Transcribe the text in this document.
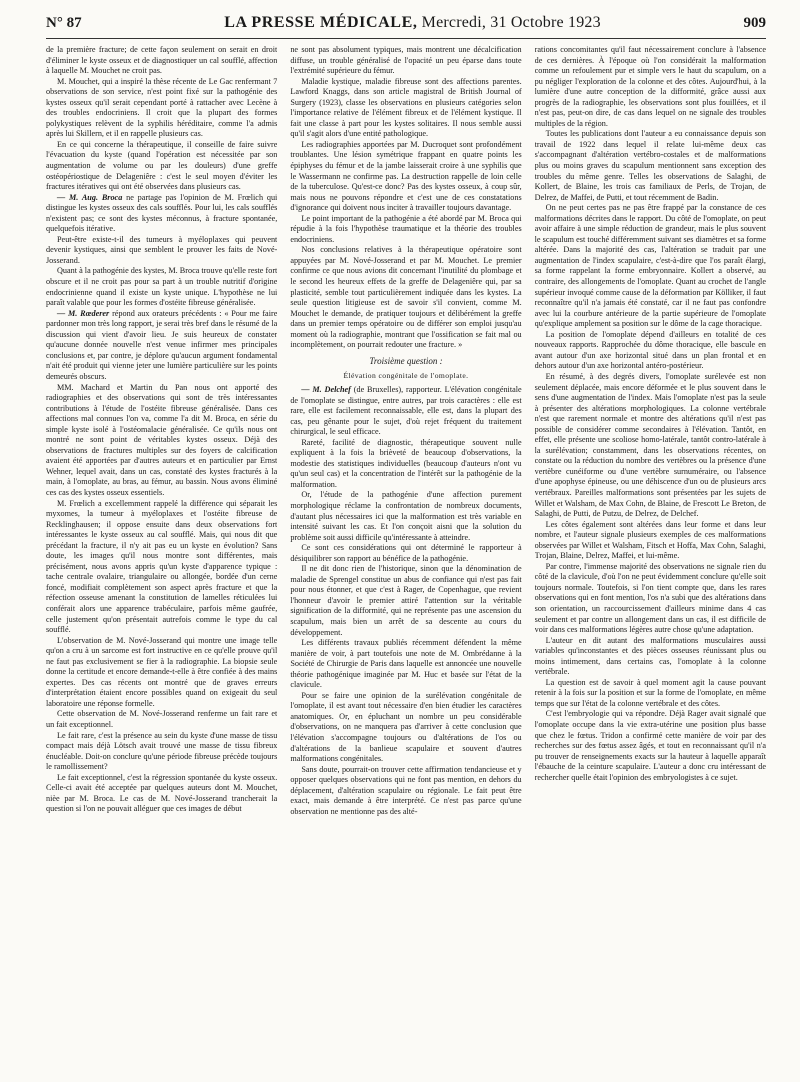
N° 87	LA PRESSE MÉDICALE, Mercredi, 31 Octobre 1923	909

de la première fracture; de cette façon seulement on serait en droit d'éliminer le kyste osseux et de diagnostiquer un cal soufflé, affection à laquelle M. Mouchet ne croit pas.

M. Mouchet, qui a inspiré la thèse récente de Le Gac renfermant 7 observations de son service, n'est point fixé sur la pathogénie des kystes osseux qu'il serait cependant porté à rattacher avec Lecène à des troubles endocriniens. Il croit que la plupart des formes polykystiques relèvent de la syphilis héréditaire, comme l'a admis après lui Skillern, et il en rappelle plusieurs cas.

En ce qui concerne la thérapeutique, il conseille de faire suivre l'évacuation du kyste (quand l'opération est nécessitée par son augmentation de volume ou par les douleurs) d'une greffe ostéopériostique de Delageniêre : c'est le seul moyen d'éviter les fractures itératives qui ont été observées dans plusieurs cas.

— M. Aug. Broca ne partage pas l'opinion de M. Frœlich qui distingue les kystes osseux des cals soufflés. Pour lui, les cals soufflés n'existent pas; ce sont des kystes méconnus, à fracture spontanée, quelquefois itérative.

Peut-être existe-t-il des tumeurs à myéloplaxes qui peuvent devenir kystiques, ainsi que semblent le prouver les faits de Nové-Josserand.

Quant à la pathogénie des kystes, M. Broca trouve qu'elle reste fort obscure et il ne croit pas pour sa part à un trouble nutritif d'origine endocrinienne quand il existe un kyste unique. L'hypothèse ne lui paraît valable que pour les formes d'ostéite fibreuse généralisée.

— M. Rœderer répond aux orateurs précédents : « Pour me faire pardonner mon très long rapport, je serai très bref dans le résumé de la discussion qui vient d'avoir lieu. Je suis heureux de constater qu'aucune donnée nouvelle n'est venue infirmer mes principales conclusions et, par contre, je déplore qu'aucun argument fondamental n'ait été produit qui vienne jeter une lumière particulière sur les points demeurés obscurs.

MM. Machard et Martin du Pan nous ont apporté des radiographies et des observations qui sont de très intéressantes contributions à l'étude de l'ostéite fibreuse généralisée. Dans ces affections mal connues l'on va, comme l'a dit M. Broca, en série du simple kyste isolé à l'ostéomalacie généralisée. Ce qu'ils nous ont montré ne sont point de véritables kystes osseux. Déjà des observations de fractures multiples sur des foyers de calcification avaient été apportées par d'autres auteurs et en particulier par Ernst Wehner, lequel avait, dans un cas, constaté des kystes fracturés à la main, à l'omoplate, au bras, au fémur, au bassin. Nous avons éliminé ces cas des kystes osseux essentiels.

M. Frœlich a excellemment rappelé la différence qui séparait les myxomes, la tumeur à myéloplaxes et l'ostéite fibreuse de Recklinghausen; il oppose ensuite dans deux observations fort intéressantes le kyste osseux au cal soufflé. Mais, qui nous dit que précédant la fracture, il n'y ait pas eu un kyste en évolution? Sans doute, les images qu'il nous montre sont différentes, mais précisément, nous avons appris qu'un kyste d'apparence typique : tache centrale ovalaire, triangulaire ou allongée, bordée d'un cerne foncé, modifiait complètement son aspect après fracture et que la réfection osseuse amenant la constitution de lamelles réticulées lui conférait alors une apparence trabéculaire, parfois même gaufrée, celle justement qu'on présentait autrefois comme le type du cal soufflé.

L'observation de M. Nové-Josserand qui montre une image telle qu'on a cru à un sarcome est fort instructive en ce qu'elle prouve qu'il ne faut pas exclusivement se fier à la radiographie. La biopsie seule donne la certitude et encore demande-t-elle à être confiée à des mains expertes. Des cas récents ont montré que de graves erreurs d'interprétation étaient encore possibles quand on exigeait du seul laboratoire une réponse formelle.

Cette observation de M. Nové-Josserand renferme un fait rare et un fait exceptionnel.

Le fait rare, c'est la présence au sein du kyste d'une masse de tissu compact mais déjà Lötsch avait trouvé une masse de tissu fibreux énucléable. Doit-on conclure qu'une période fibreuse précède toujours le ramollissement?

Le fait exceptionnel, c'est la régression spontanée du kyste osseux. Celle-ci avait été acceptée par quelques auteurs dont M. Mouchet, nièe par M. Broca. Le cas de M. Nové-Josserand trancherait la question si l'on ne pouvait alléguer que ces images de début

ne sont pas absolument typiques, mais montrent une décalcification diffuse, un trouble généralisé de l'opacité un peu éparse dans toute l'extrémité supérieure du fémur.

Maladie kystique, maladie fibreuse sont des affections parentes. Lawford Knaggs, dans son article magistral de British Journal of Surgery (1923), classe les observations en plusieurs catégories selon l'importance relative de l'élément fibreux et de l'élément kystique. Il fait une classe à part pour les kystes solitaires. Il nous semble aussi qu'il s'agit alors d'une entité pathologique.

Les radiographies apportées par M. Ducroquet sont profondément troublantes. Une lésion symétrique frappant en quatre points les épiphyses du fémur et de la jambe laisserait croire à une syphilis que le Wassermann ne confirme pas. La destruction rappelle de loin celle de la tuberculose. Qu'est-ce donc? Pas des kystes osseux, à coup sûr, mais nous ne pouvons répondre et c'est une de ces constatations d'ignorance qui doivent nous inciter à travailler toujours davantage.

Le point important de la pathogénie a été abordé par M. Broca qui répudie à la fois l'hypothèse traumatique et la théorie des troubles endocriniens.

Nos conclusions relatives à la thérapeutique opératoire sont appuyées par M. Nové-Josserand et par M. Mouchet. Le premier confirme ce que nous avions dit concernant l'inutilité du plombage et le second les heureux effets de la greffe de Delageniêre qui, par sa plasticité, semble tout particulièrement indiquée dans les kystes. La seule question litigieuse est de savoir s'il convient, comme M. Mouchet le demande, de pratiquer toujours et délibérément la greffe dans un premier temps opératoire ou de différer son emploi jusqu'au moment où la radiographie, montrant que l'ossification se fait mal ou incomplètement, on pourrait redouter une fracture. »

Troisième question :

Élévation congénitale de l'omoplate.

— M. Delchef (de Bruxelles), rapporteur. L'élévation congénitale de l'omoplate se distingue, entre autres, par trois caractères : elle est rare, elle est facilement reconnaissable, elle est, dans la plupart des cas, peu gênante pour le sujet, d'où rejet fréquent du traitement chirurgical, le seul efficace.

Rareté, facilité de diagnostic, thérapeutique souvent nulle expliquent à la fois la brièveté de beaucoup d'observations, la modestie des statistiques individuelles (beaucoup d'auteurs n'ont vu qu'un seul cas) et la concentration de l'intérêt sur la pathogénie de la malformation.

Or, l'étude de la pathogénie d'une affection purement morphologique réclame la confrontation de nombreux documents, d'autant plus nécessaires ici que la malformation est très variable en intensité suivant les cas. Et l'on conçoit aisni que la solution du problème soit aussi difficile qu'intéressante à atteindre.

Ce sont ces considérations qui ont déterminé le rapporteur à désiquilibrer son rapport au bénéfice de la pathogénie.

Il ne dit donc rien de l'historique, sinon que la dénomination de maladie de Sprengel constitue un abus de confiance qui n'est pas fait pour nous étonner, et que c'est à Rager, de Copenhague, que revient l'honneur d'avoir le premier attiré l'attention sur la véritable signification de la difformité, qui ne représente pas une ascension du scapulum, mais bien un arrêt de sa descente au cours du développement.

Les différents travaux publiés récemment défendent la même manière de voir, à part toutefois une note de M. Ombrédanne à la Société de Chirurgie de Paris dans laquelle est annoncée une nouvelle théorie pathogénique imaginée par M. Huc et basée sur l'état de la clavicule.

Pour se faire une opinion de la surélévation congénitale de l'omoplate, il est avant tout nécessaire d'en bien étudier les caractères anatomiques. Or, en épluchant un nombre un peu considérable d'observations, on ne manquera pas d'arriver à cette conclusion que l'élévation s'accompagne toujours ou d'altérations de l'os ou d'altérations de la banlieue scapulaire et souvent d'autres malformations congénitales.

Sans doute, pourrait-on trouver cette affirmation tendancieuse et y opposer quelques observations qui ne font pas mention, en dehors du déplacement, d'altération scapulaire ou régionale. Le fait peut être exact, mais demande à être interprété. Ce n'est pas parce qu'une observation ne mentionne pas des alté-

rations concomitantes qu'il faut nécessairement conclure à l'absence de ces dernières. À l'époque où l'on considérait la malformation comme un refoulement pur et simple vers le haut du scapulum, on a pu négliger l'exploration de la colonne et des côtes. Aujourd'hui, à la lumière d'une autre conception de la difformité, grâce aussi aux progrès de la radiographie, les observations sont plus fouillées, et il n'est pas, peut-on dire, de cas dans lequel on ne signale des troubles multiples de la région.

Toutes les publications dont l'auteur a eu connaissance depuis son travail de 1922 dans lequel il relate lui-même deux cas s'accompagnant d'altération vertébro-costales et de malformations plus ou moins graves du scapulum mentionnent sans exception des troubles du même genre. Telles les observations de Salaghi, de Kollert, de Blaine, les trois cas familiaux de Perls, de Trojan, de Delrez, de Maffei, de Putti, et tout récemment de Badin.

On ne peut certes pas ne pas être frappé par la constance de ces malformations décrites dans le rapport. Du côté de l'omoplate, on peut avoir affaire à une simple réduction de grandeur, mais le plus souvent le scapulum est touché différemment suivant ses diamètres et sa forme altérée. Dans la majorité des cas, l'altération se traduit par une augmentation de l'index scapulaire, c'est-à-dire que l'os paraît élargi, sa forme rappelant la forme embryonnaire. Kollert a observé, au contraire, des allongements de l'omoplate. Quant au crochet de l'angle supérieur invoqué comme cause de la déformation par Kölliker, il faut reconnaître qu'il n'a jamais été constaté, car il ne faut pas confondre avec lui la courbure antérieure de la partie supérieure de l'omoplate qu'explique amplement sa position sur le dôme de la cage thoracique.

La position de l'omoplate dépend d'ailleurs en totalité de ces nouveaux rapports. Rapprochée du dôme thoracique, elle bascule en avant autour d'un axe horizontal situé dans un plan frontal et en dehors autour d'un axe horizontal antéro-postérieur.

En résumé, à des degrés divers, l'omoplate surélevée est non seulement déplacée, mais encore déformée et le plus souvent dans le sens d'une augmentation de l'index. Mais l'omoplate n'est pas la seule à présenter des altérations morphologiques. La colonne vertébrale n'est que rarement normale et montre des altérations qu'il n'est pas possible de considérer comme secondaires à l'élévation. Tantôt, en effet, elle présente une scoliose homo-latérale, tantôt contro-latérale à la surélévation; constamment, dans les observations récentes, on constate ou la réduction du nombre des vertèbres ou la présence d'une vertèbre cunéiforme ou d'une vertèbre surnuméraire, ou l'absence d'une apophyse épineuse, ou une déhiscence d'un ou de plusieurs arcs vertébraux. Pareilles malformations sont présentées par les sujets de Willet et Walsham, de Max Cohn, de Blaine, de Frescott Le Breton, de Salaghi, de Putti, de Putzu, de Delrez, de Delchef.

Les côtes également sont altérées dans leur forme et dans leur nombre, et l'auteur signale plusieurs exemples de ces malformations observées par Willet et Walsham, Fitsch et Hoffa, Max Cohn, Salaghi, Trojan, Blaine, Delrez, Maffei, et lui-même.

Par contre, l'immense majorité des observations ne signale rien du côté de la clavicule, d'où l'on ne peut évidemment conclure qu'elle soit toujours normale. Toutefois, si l'on tient compte que, dans les rares observations qui en font mention, l'os n'a subi que des altérations dans son orientation, un raccourcissement d'ailleurs minime dans 4 cas seulement et par contre un allongement dans un cas, il est difficile de voir dans ces malformations légères autre chose qu'une adaptation.

L'auteur en dit autant des malformations musculaires aussi variables qu'inconstantes et des pièces osseuses réunissant plus ou moins intimement, dans certains cas, l'omoplate à la colonne vertébrale.

La question est de savoir à quel moment agit la cause pouvant retenir à la fois sur la position et sur la forme de l'omoplate, en même temps que sur l'état de la colonne vertébrale et des côtes.

C'est l'embryologie qui va répondre. Déjà Rager avait signalé que l'omoplate occupe dans la vie extra-utérine une position plus basse que chez le fœtus. Tridon a confirmé cette manière de voir par des recherches sur des fœtus assez âgés, et tout en reconnaissant qu'il n'a pu trouver de renseignements exacts sur la hauteur à laquelle apparaît l'ébauche de la ceinture scapulaire. L'auteur a donc cru intéressant de rechercher quelle était l'opinion des embryologistes à ce sujet.
